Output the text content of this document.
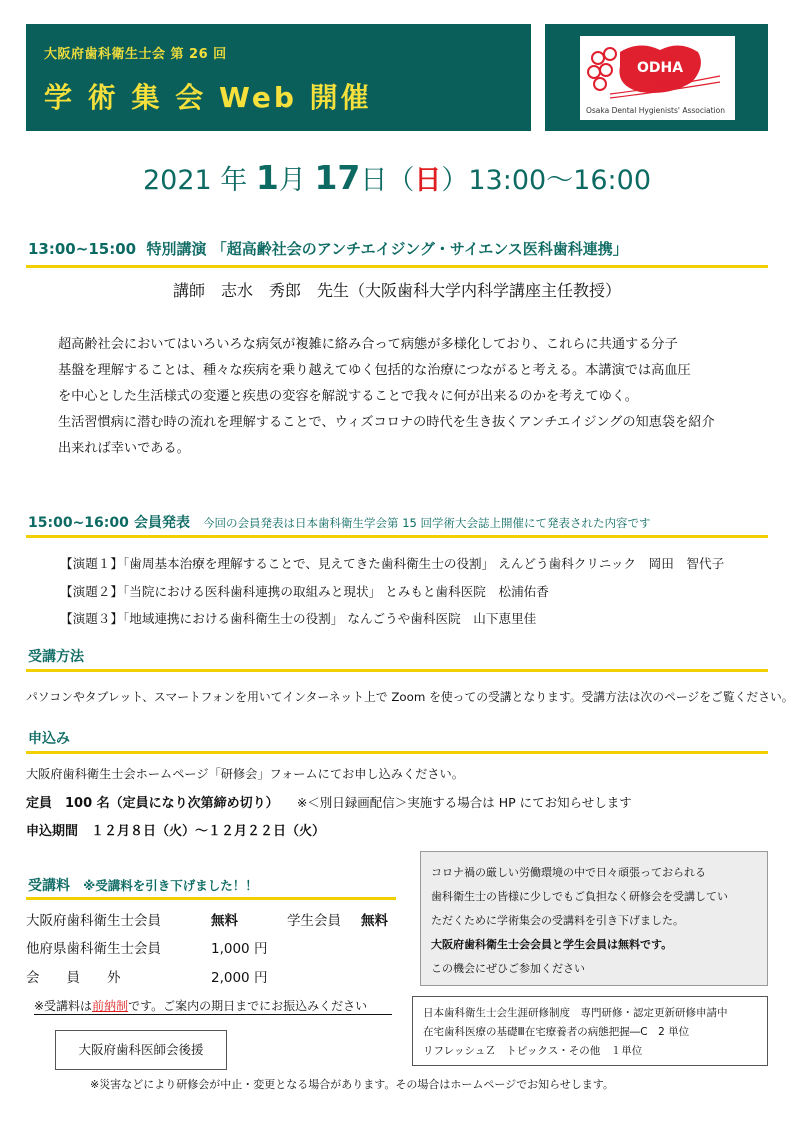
大阪府歯科衛生士会 第 26 回
学 術 集 会 Web 開催
ODHA
Osaka Dental Hygienists' Association
2021 年 1月 17日（日）13:00～16:00
13:00~15:00 特別講演 「超高齢社会のアンチエイジング・サイエンス医科歯科連携」
講師　志水　秀郎　先生（大阪歯科大学内科学講座主任教授）
超高齢社会においてはいろいろな病気が複雑に絡み合って病態が多様化しており、これらに共通する分子
基盤を理解することは、種々な疾病を乗り越えてゆく包括的な治療につながると考える。本講演では高血圧
を中心とした生活様式の変遷と疾患の変容を解説することで我々に何が出来るのかを考えてゆく。
生活習慣病に潜む時の流れを理解することで、ウィズコロナの時代を生き抜くアンチエイジングの知恵袋を紹介
出来れば幸いである。
15:00~16:00 会員発表 今回の会員発表は日本歯科衛生学会第 15 回学術大会誌上開催にて発表された内容です
【演題１】「歯周基本治療を理解することで、見えてきた歯科衛生士の役割」 えんどう歯科クリニック　岡田　智代子
【演題２】「当院における医科歯科連携の取組みと現状」 とみもと歯科医院　松浦佑香
【演題３】「地域連携における歯科衛生士の役割」 なんごうや歯科医院　山下恵里佳
受講方法
パソコンやタブレット、スマートフォンを用いてインターネット上で Zoom を使っての受講となります。受講方法は次のページをご覧ください。
申込み
大阪府歯科衛生士会ホームページ「研修会」フォームにてお申し込みください。
定員　100 名（定員になり次第締め切り） ※＜別日録画配信＞実施する場合は HP にてお知らせします
申込期間　１２月８日（火）～１２月２２日（火）
受講料 ※受講料を引き下げました！！
大阪府歯科衛生士会員	無料	学生会員 無料
他府県歯科衛生士会員	1,000 円
会　　員　　外	2,000 円
※受講料は前納制です。ご案内の期日までにお振込みください
大阪府歯科医師会後援
コロナ禍の厳しい労働環境の中で日々頑張っておられる
歯科衛生士の皆様に少しでもご負担なく研修会を受講してい
ただくために学術集会の受講料を引き下げました。
大阪府歯科衛生士会会員と学生会員は無料です。
この機会にぜひご参加ください
日本歯科衛生士会生涯研修制度　専門研修・認定更新研修申請中
在宅歯科医療の基礎Ⅲ在宅療養者の病態把握―C　2 単位
リフレッシュＺ　トピックス・その他　１単位
※災害などにより研修会が中止・変更となる場合があります。その場合はホームページでお知らせします。
